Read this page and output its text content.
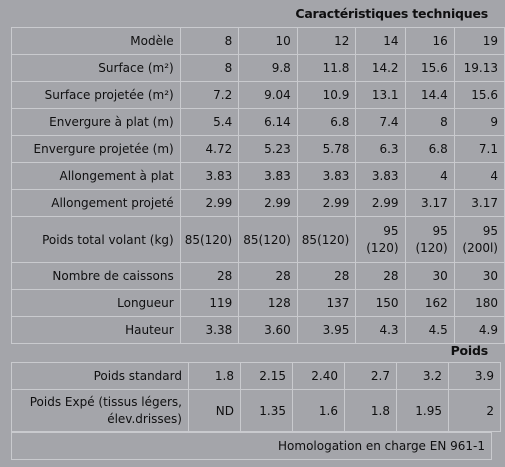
Caractéristiques techniques
Modèle	8	10	12	14	16	19
Surface (m²)	8	9.8	11.8	14.2	15.6	19.13
Surface projetée (m²)	7.2	9.04	10.9	13.1	14.4	15.6
Envergure à plat (m)	5.4	6.14	6.8	7.4	8	9
Envergure projetée (m)	4.72	5.23	5.78	6.3	6.8	7.1
Allongement à plat	3.83	3.83	3.83	3.83	4	4
Allongement projeté	2.99	2.99	2.99	2.99	3.17	3.17
Poids total volant (kg)	85(120)	85(120)	85(120)	95 (120)	95 (120)	95 (200l)
Nombre de caissons	28	28	28	28	30	30
Longueur	119	128	137	150	162	180
Hauteur	3.38	3.60	3.95	4.3	4.5	4.9
Poids
Poids standard	1.8	2.15	2.40	2.7	3.2	3.9
Poids Expé (tissus légers, élev.drisses)	ND	1.35	1.6	1.8	1.95	2
Homologation en charge EN 961-1
